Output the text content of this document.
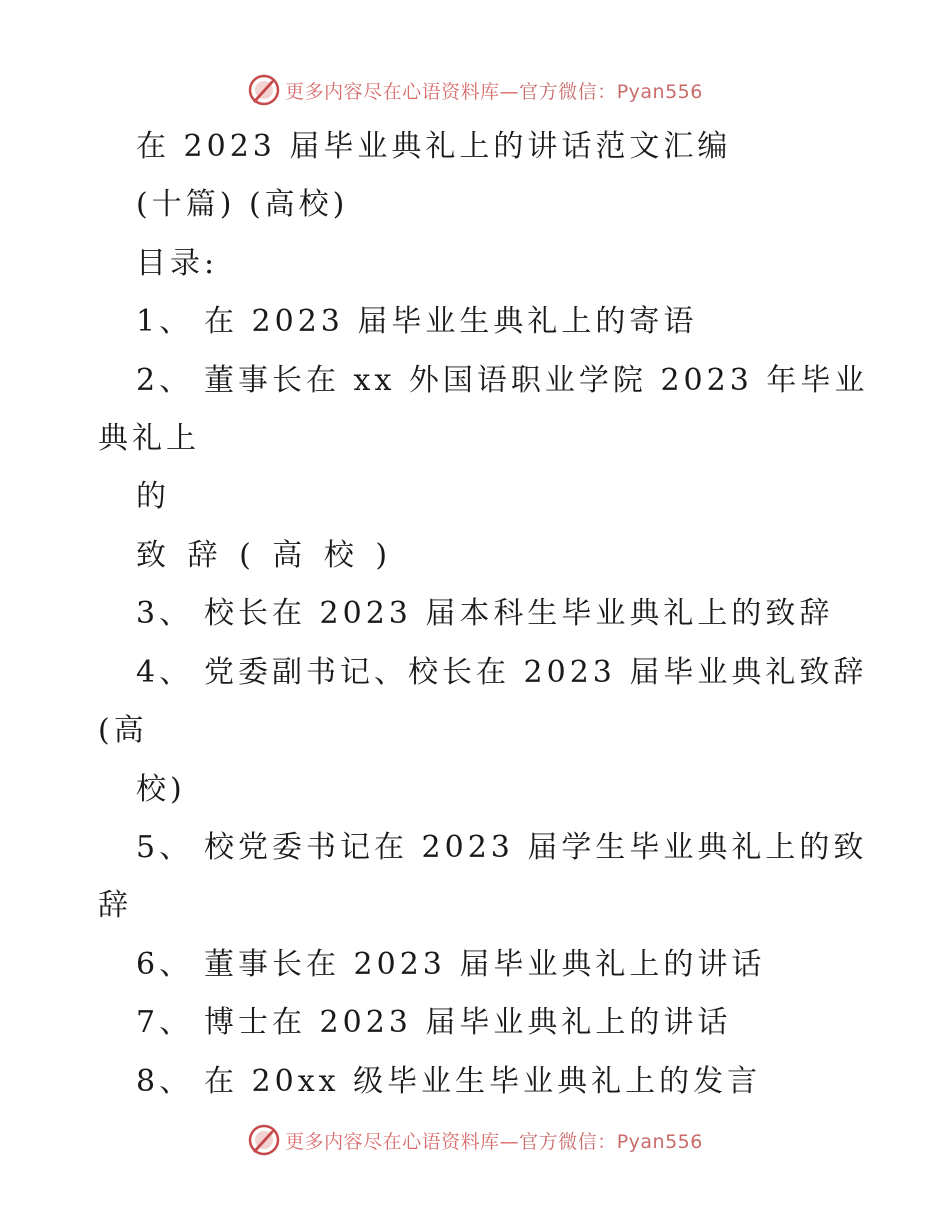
更多内容尽在心语资料库—官方微信：Pyan556
在 2023 届毕业典礼上的讲话范文汇编
(十篇) (高校)
目录:
1、 在 2023 届毕业生典礼上的寄语
2、 董事长在 xx 外国语职业学院 2023 年毕业
典礼上
的
致 辞 ( 高 校 )
3、 校长在 2023 届本科生毕业典礼上的致辞
4、 党委副书记、校长在 2023 届毕业典礼致辞
(高
校)
5、 校党委书记在 2023 届学生毕业典礼上的致
辞
6、 董事长在 2023 届毕业典礼上的讲话
7、 博士在 2023 届毕业典礼上的讲话
8、 在 20xx 级毕业生毕业典礼上的发言
更多内容尽在心语资料库—官方微信：Pyan556
